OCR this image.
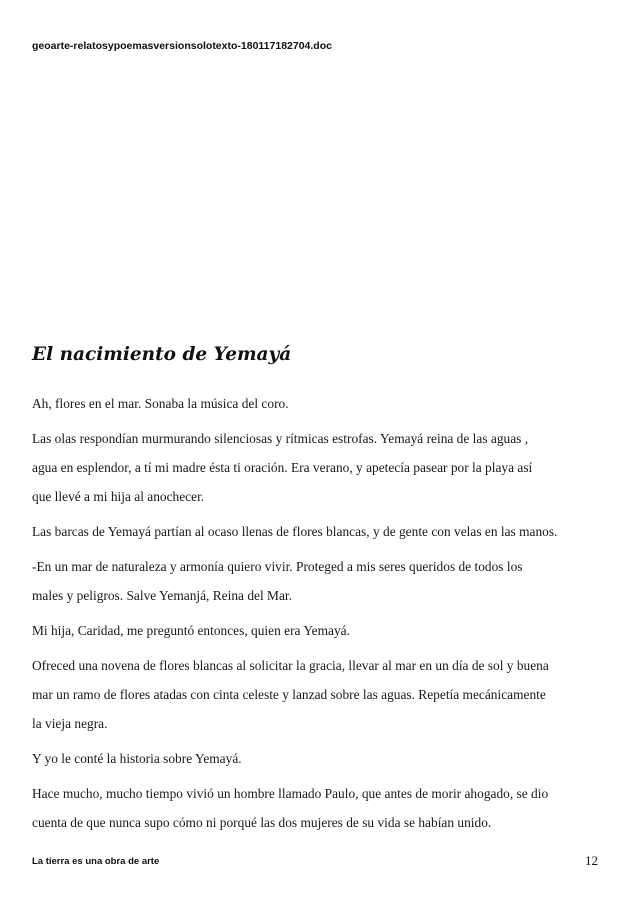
geoarte-relatosypoemasversionsolotexto-180117182704.doc
El nacimiento de Yemayá

Ah, flores en el mar. Sonaba la música del coro.

Las olas respondían murmurando silenciosas y rítmicas estrofas. Yemayá reina de las aguas ,
agua en esplendor, a tí mi madre ésta ti oración. Era verano, y apetecía pasear por la playa así
que llevé a mi hija al anochecer.

Las barcas de Yemayá partían al ocaso llenas de flores blancas, y de gente con velas en las manos.

-En un mar de naturaleza y armonía quiero vivir. Proteged a mis seres queridos de todos los
males y peligros. Salve Yemanjá, Reina del Mar.

Mi hija, Caridad, me preguntó entonces, quien era Yemayá.

Ofreced una novena de flores blancas al solicitar la gracia, llevar al mar en un día de sol y buena
mar un ramo de flores atadas con cinta celeste y lanzad sobre las aguas. Repetía mecánicamente
la vieja negra.

Y yo le conté la historia sobre Yemayá.

Hace mucho, mucho tiempo vivió un hombre llamado Paulo, que antes de morir ahogado, se dio
cuenta de que nunca supo cómo ni porqué las dos mujeres de su vida se habían unido.

La tierra es una obra de arte	12
